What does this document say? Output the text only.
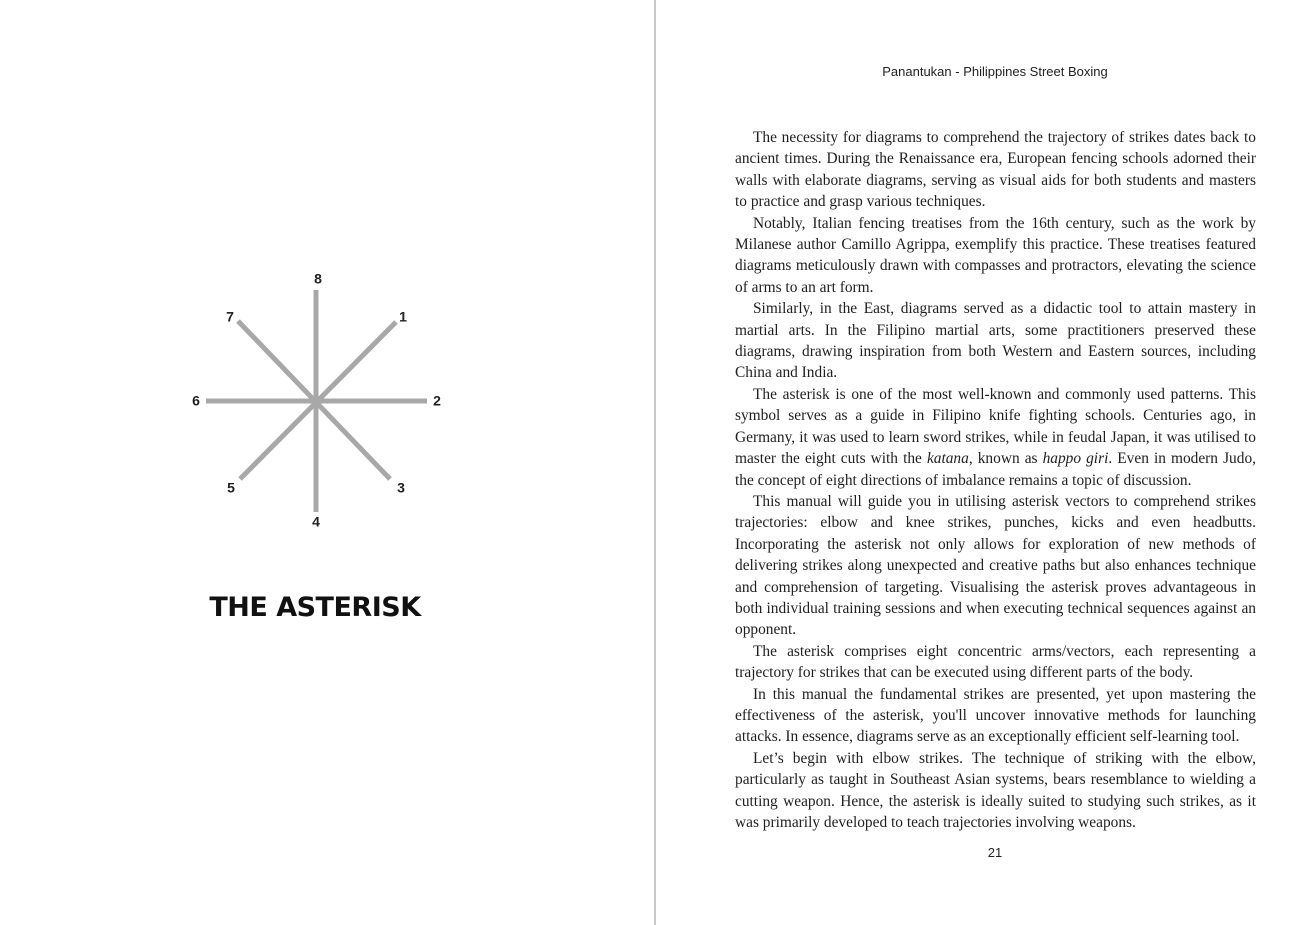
8
1
2
3
4
5
6
7
THE ASTERISK
Panantukan - Philippines Street Boxing

The necessity for diagrams to comprehend the trajectory of strikes dates back to ancient times. During the Renaissance era, European fencing schools adorned their walls with elaborate diagrams, serving as visual aids for both students and masters to practice and grasp various techniques.

Notably, Italian fencing treatises from the 16th century, such as the work by Milanese author Camillo Agrippa, exemplify this practice. These treatises featured diagrams meticulously drawn with compasses and protractors, elevating the science of arms to an art form.

Similarly, in the East, diagrams served as a didactic tool to attain mastery in martial arts. In the Filipino martial arts, some practitioners preserved these diagrams, drawing inspiration from both Western and Eastern sources, including China and India.

The asterisk is one of the most well-known and commonly used patterns. This symbol serves as a guide in Filipino knife fighting schools. Centuries ago, in Germany, it was used to learn sword strikes, while in feudal Japan, it was utilised to master the eight cuts with the katana, known as happo giri. Even in modern Judo, the concept of eight directions of imbalance remains a topic of discussion.

This manual will guide you in utilising asterisk vectors to comprehend strikes trajectories: elbow and knee strikes, punches, kicks and even headbutts. Incorporating the asterisk not only allows for exploration of new methods of delivering strikes along unexpected and creative paths but also enhances technique and comprehension of targeting. Visualising the asterisk proves advantageous in both individual training sessions and when executing technical sequences against an opponent.

The asterisk comprises eight concentric arms/vectors, each representing a trajectory for strikes that can be executed using different parts of the body.

In this manual the fundamental strikes are presented, yet upon mastering the effectiveness of the asterisk, you'll uncover innovative methods for launching attacks. In essence, diagrams serve as an exceptionally efficient self-learning tool.

Let’s begin with elbow strikes. The technique of striking with the elbow, particularly as taught in Southeast Asian systems, bears resemblance to wielding a cutting weapon. Hence, the asterisk is ideally suited to studying such strikes, as it was primarily developed to teach trajectories involving weapons.

21
